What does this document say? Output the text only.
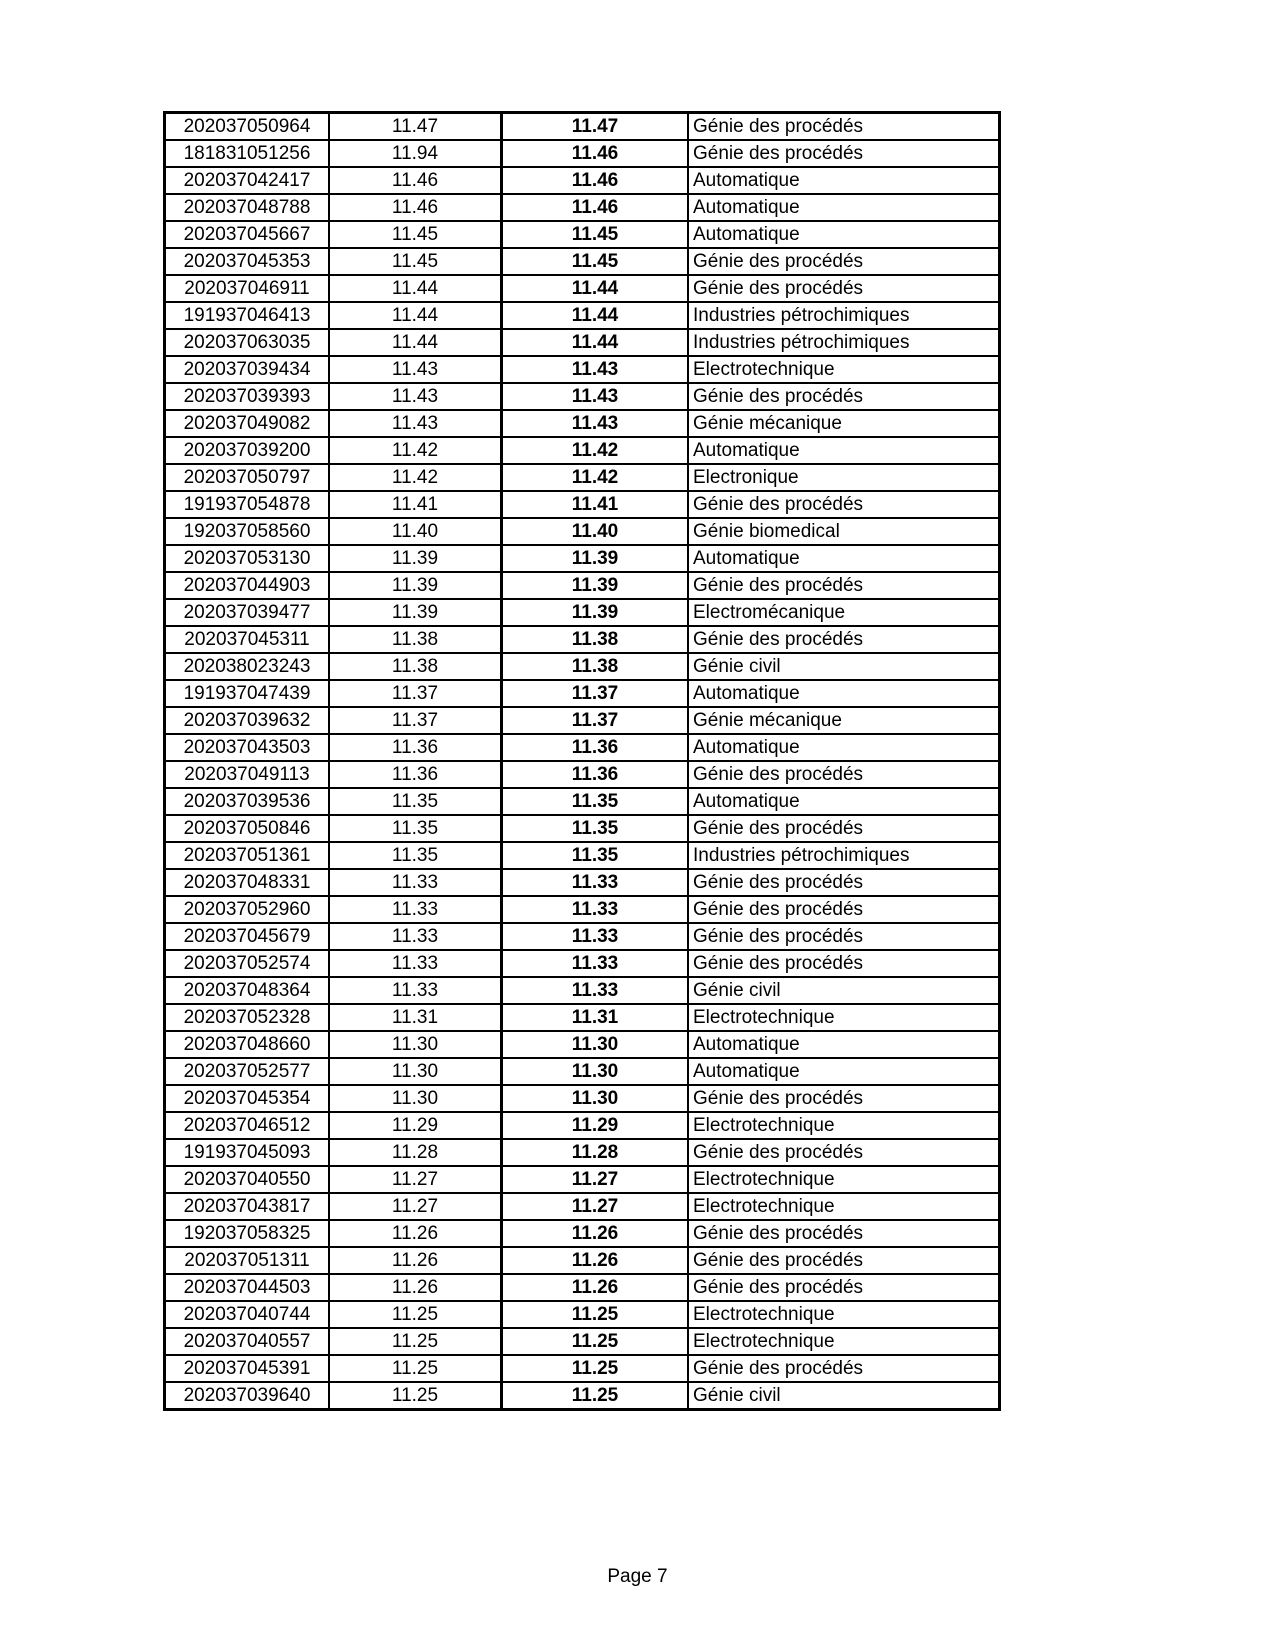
202037050964	11.47	11.47	Génie des procédés
181831051256	11.94	11.46	Génie des procédés
202037042417	11.46	11.46	Automatique
202037048788	11.46	11.46	Automatique
202037045667	11.45	11.45	Automatique
202037045353	11.45	11.45	Génie des procédés
202037046911	11.44	11.44	Génie des procédés
191937046413	11.44	11.44	Industries pétrochimiques
202037063035	11.44	11.44	Industries pétrochimiques
202037039434	11.43	11.43	Electrotechnique
202037039393	11.43	11.43	Génie des procédés
202037049082	11.43	11.43	Génie mécanique
202037039200	11.42	11.42	Automatique
202037050797	11.42	11.42	Electronique
191937054878	11.41	11.41	Génie des procédés
192037058560	11.40	11.40	Génie biomedical
202037053130	11.39	11.39	Automatique
202037044903	11.39	11.39	Génie des procédés
202037039477	11.39	11.39	Electromécanique
202037045311	11.38	11.38	Génie des procédés
202038023243	11.38	11.38	Génie civil
191937047439	11.37	11.37	Automatique
202037039632	11.37	11.37	Génie mécanique
202037043503	11.36	11.36	Automatique
202037049113	11.36	11.36	Génie des procédés
202037039536	11.35	11.35	Automatique
202037050846	11.35	11.35	Génie des procédés
202037051361	11.35	11.35	Industries pétrochimiques
202037048331	11.33	11.33	Génie des procédés
202037052960	11.33	11.33	Génie des procédés
202037045679	11.33	11.33	Génie des procédés
202037052574	11.33	11.33	Génie des procédés
202037048364	11.33	11.33	Génie civil
202037052328	11.31	11.31	Electrotechnique
202037048660	11.30	11.30	Automatique
202037052577	11.30	11.30	Automatique
202037045354	11.30	11.30	Génie des procédés
202037046512	11.29	11.29	Electrotechnique
191937045093	11.28	11.28	Génie des procédés
202037040550	11.27	11.27	Electrotechnique
202037043817	11.27	11.27	Electrotechnique
192037058325	11.26	11.26	Génie des procédés
202037051311	11.26	11.26	Génie des procédés
202037044503	11.26	11.26	Génie des procédés
202037040744	11.25	11.25	Electrotechnique
202037040557	11.25	11.25	Electrotechnique
202037045391	11.25	11.25	Génie des procédés
202037039640	11.25	11.25	Génie civil
Page 7
